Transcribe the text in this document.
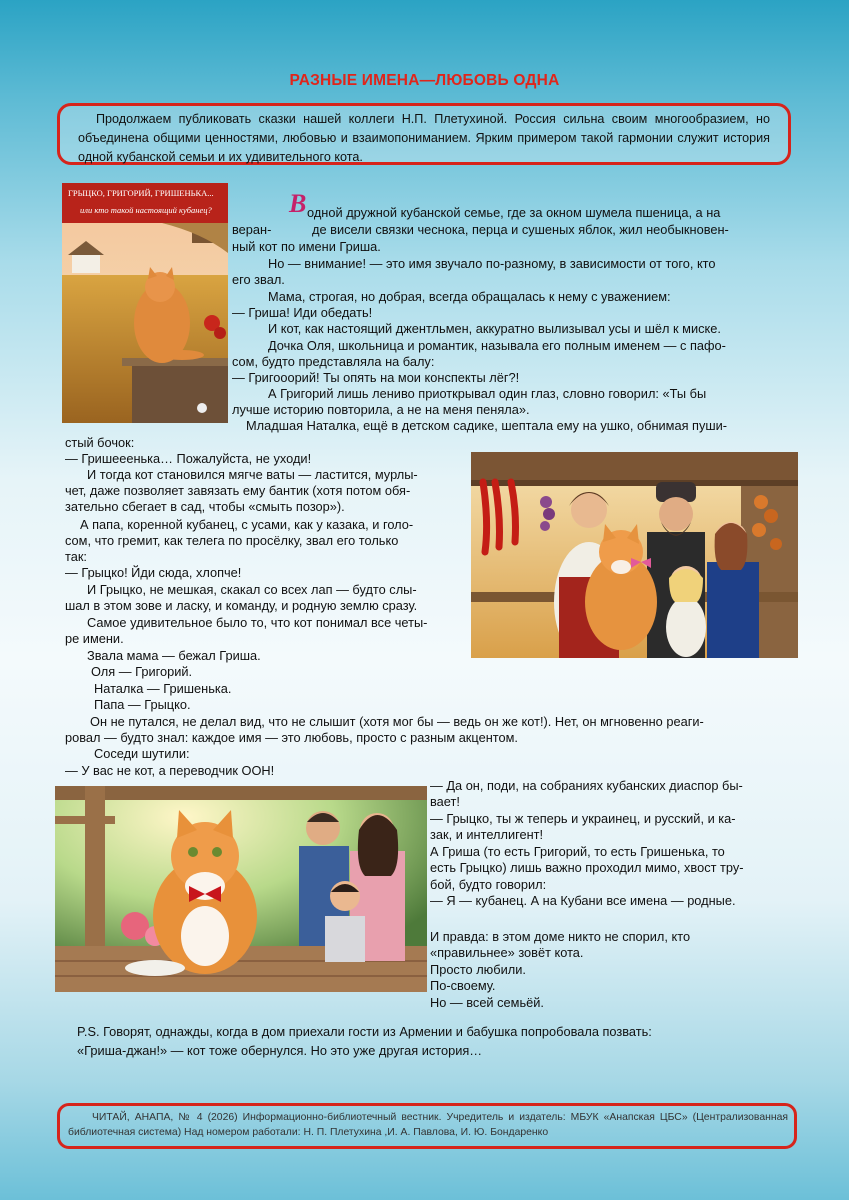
РАЗНЫЕ ИМЕНА—ЛЮБОВЬ ОДНА
Продолжаем публиковать сказки нашей коллеги Н.П. Плетухиной. Россия сильна своим многообразием, но объединена общими ценностями, любовью и взаимопониманием. Ярким примером такой гармонии служит история одной кубанской семьи и их удивительного кота.
ГРЫЦКО, ГРИГОРИЙ, ГРИШЕНЬКА...
или кто такой настоящий кубанец?	В одной дружной кубанской семье, где за окном шумела пшеница, а на
веран-	де висели связки чеснока, перца и сушеных яблок, жил необыкновен-
ный кот по имени Гриша.
Но — внимание! — это имя звучало по-разному, в зависимости от того, кто
его звал.
Мама, строгая, но добрая, всегда обращалась к нему с уважением:
— Гриша! Иди обедать!
И кот, как настоящий джентльмен, аккуратно вылизывал усы и шёл к миске.
Дочка Оля, школьница и романтик, называла его полным именем — с пафо-
сом, будто представляла на балу:
— Григооорий! Ты опять на мои конспекты лёг?!
А Григорий лишь лениво приоткрывал один глаз, словно говорил: «Ты бы
лучше историю повторила, а не на меня пеняла».
Младшая Наталка, ещё в детском садике, шептала ему на ушко, обнимая пуши-
стый бочок:
— Гришееенька… Пожалуйста, не уходи!
И тогда кот становился мягче ваты — ластится, мурлы-
чет, даже позволяет завязать ему бантик (хотя потом обя-
зательно сбегает в сад, чтобы «смыть позор»).
А папа, коренной кубанец, с усами, как у казака, и голо-
сом, что гремит, как телега по просёлку, звал его только
так:
— Грыцко! Йди сюда, хлопче!
И Грыцко, не мешкая, скакал со всех лап — будто слы-
шал в этом зове и ласку, и команду, и родную землю сразу.
Самое удивительное было то, что кот понимал все четы-
ре имени.
Звала мама — бежал Гриша.
Оля — Григорий.
Наталка — Гришенька.
Папа — Грыцко.
Он не путался, не делал вид, что не слышит (хотя мог бы — ведь он же кот!). Нет, он мгновенно реаги-
ровал — будто знал: каждое имя — это любовь, просто с разным акцентом.
Соседи шутили:
— У вас не кот, а переводчик ООН!
— Да он, поди, на собраниях кубанских диаспор бы-
вает!
— Грыцко, ты ж теперь и украинец, и русский, и ка-
зак, и интеллигент!
А Гриша (то есть Григорий, то есть Гришенька, то
есть Грыцко) лишь важно проходил мимо, хвост тру-
бой, будто говорил:
— Я — кубанец. А на Кубани все имена — родные.
И правда: в этом доме никто не спорил, кто
«правильнее» зовёт кота.
Просто любили.
По-своему.
Но — всей семьёй.
P.S. Говорят, однажды, когда в дом приехали гости из Армении и бабушка попробовала позвать:
«Гриша-джан!» — кот тоже обернулся. Но это уже другая история…
ЧИТАЙ, АНАПА, № 4 (2026) Информационно-библиотечный вестник. Учредитель и издатель: МБУК «Анапская ЦБС» (Централизованная библиотечная система) Над номером работали: Н. П. Плетухина ,И. А. Павлова, И. Ю. Бондаренко
